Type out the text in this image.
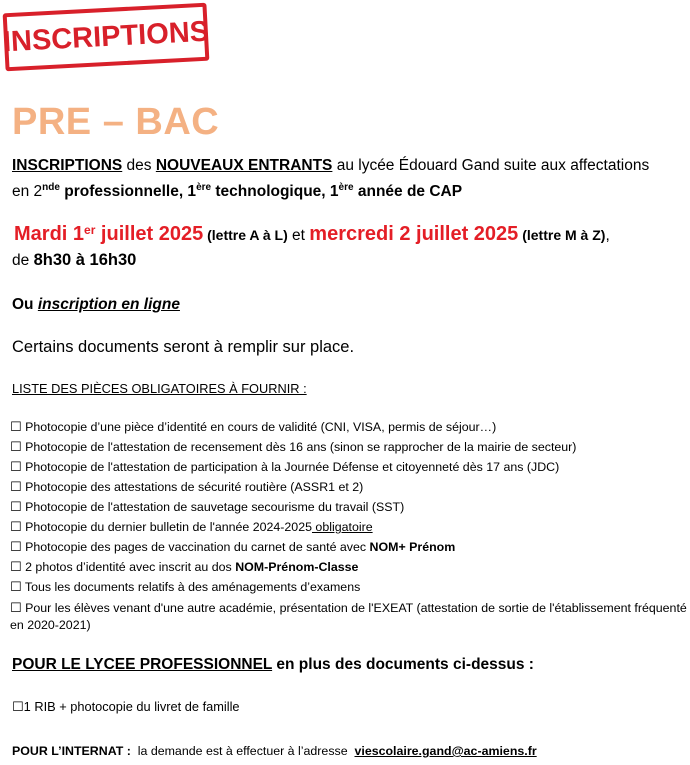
INSCRIPTIONS
PRE – BAC
INSCRIPTIONS des NOUVEAUX ENTRANTS au lycée Édouard Gand suite aux affectations
en 2nde professionnelle, 1ère technologique, 1ère année de CAP
Mardi 1er juillet 2025 (lettre A à L) et mercredi 2 juillet 2025 (lettre M à Z),
de 8h30 à 16h30
Ou inscription en ligne
Certains documents seront à remplir sur place.
LISTE DES PIÈCES OBLIGATOIRES À FOURNIR :
☐ Photocopie d’une pièce d’identité en cours de validité (CNI, VISA, permis de séjour…)
☐ Photocopie de l'attestation de recensement dès 16 ans (sinon se rapprocher de la mairie de secteur)
☐ Photocopie de l'attestation de participation à la Journée Défense et citoyenneté dès 17 ans (JDC)
☐ Photocopie des attestations de sécurité routière (ASSR1 et 2)
☐ Photocopie de l'attestation de sauvetage secourisme du travail (SST)
☐ Photocopie du dernier bulletin de l'année 2024-2025 obligatoire
☐ Photocopie des pages de vaccination du carnet de santé avec NOM+ Prénom
☐ 2 photos d’identité avec inscrit au dos NOM-Prénom-Classe
☐ Tous les documents relatifs à des aménagements d’examens
☐ Pour les élèves venant d'une autre académie, présentation de l'EXEAT (attestation de sortie de l'établissement fréquenté en 2020-2021)
POUR LE LYCEE PROFESSIONNEL en plus des documents ci-dessus :
☐1 RIB + photocopie du livret de famille
POUR L’INTERNAT :  la demande est à effectuer à l’adresse  viescolaire.gand@ac-amiens.fr
